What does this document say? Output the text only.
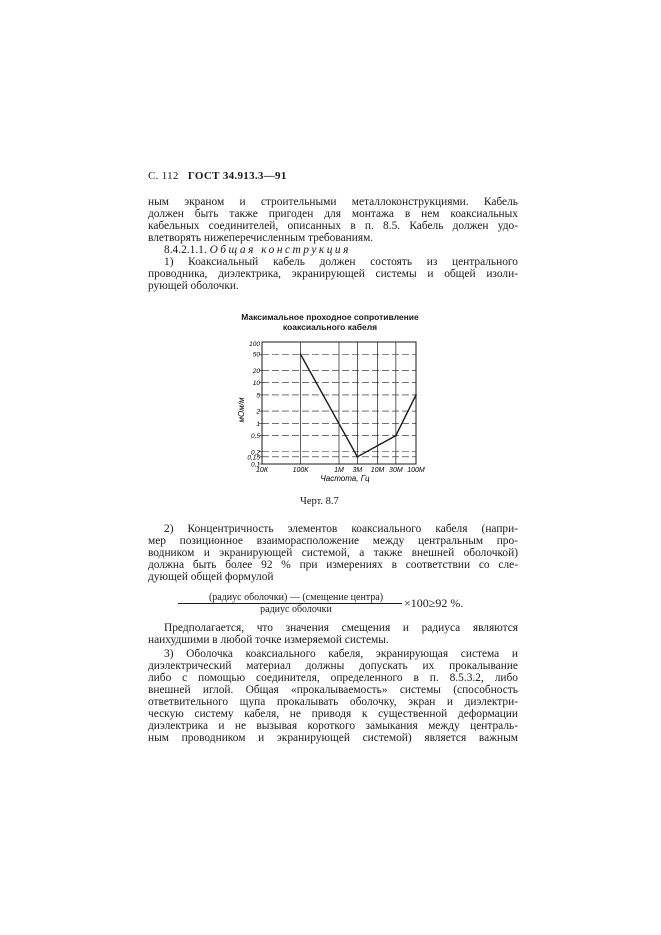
С. 112 ГОСТ 34.913.3—91
ным экраном и строительными металлоконструкциями. Кабель
должен быть также пригоден для монтажа в нем коаксиальных
кабельных соединителей, описанных в п. 8.5. Кабель должен удо-
влетворять нижеперечисленным требованиям.
8.4.2.1.1. Общая конструкция
1) Коаксиальный кабель должен состоять из центрального
проводника, диэлектрика, экранирующей системы и общей изоли-
рующей оболочки.
Максимальное проходное сопротивление
коаксиального кабеля
10К	100К	1М 3М 10М 30М 100М
50
20
10
5
2
1
0,5
0,2
0,15
0,1
100
мОм/м
Частота, Гц
Черт. 8.7
2) Концентричность элементов коаксиального кабеля (напри-
мер позиционное взаиморасположение между центральным про-
водником и экранирующей системой, а также внешней оболочкой)
должна быть более 92 % при измерениях в соответствии со сле-
дующей общей формулой
(радиус оболочки) — (смещение центра)
радиус оболочки	×100≥92 %.
Предполагается, что значения смещения и радиуса являются
наихудшими в любой точке измеряемой системы.
3) Оболочка коаксиального кабеля, экранирующая система и
диэлектрический материал должны допускать их прокалывание
либо с помощью соединителя, определенного в п. 8.5.3.2, либо
внешней иглой. Общая «прокалываемость» системы (способность
ответвительного щупа прокалывать оболочку, экран и диэлектри-
ческую систему кабеля, не приводя к существенной деформации
диэлектрика и не вызывая короткого замыкания между централь-
ным проводником и экранирующей системой) является важным
